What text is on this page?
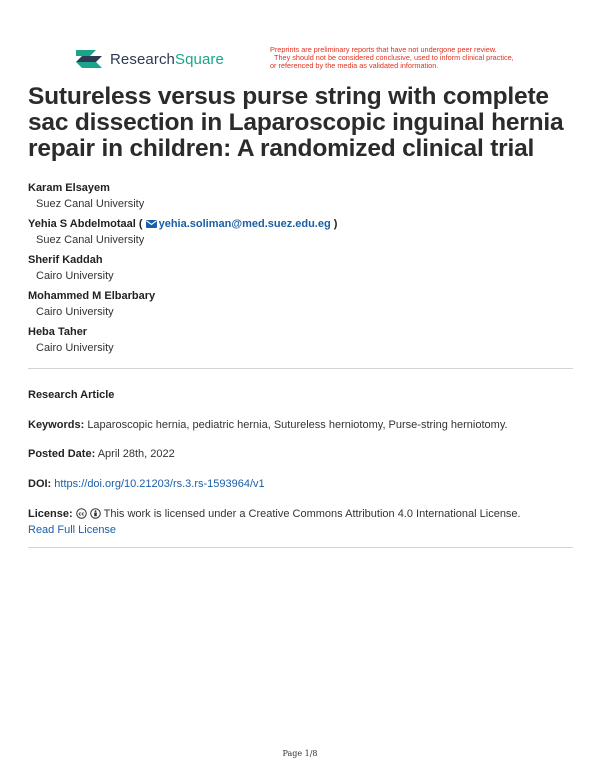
ResearchSquare
Preprints are preliminary reports that have not undergone peer review.
They should not be considered conclusive, used to inform clinical practice,
or referenced by the media as validated information.
Sutureless versus purse string with complete sac dissection in Laparoscopic inguinal hernia repair in children: A randomized clinical trial
Karam Elsayem
Suez Canal University
Yehia S Abdelmotaal ( yehia.soliman@med.suez.edu.eg )
Suez Canal University
Sherif Kaddah
Cairo University
Mohammed M Elbarbary
Cairo University
Heba Taher
Cairo University
Research Article
Keywords: Laparoscopic hernia, pediatric hernia, Sutureless herniotomy, Purse-string herniotomy.
Posted Date: April 28th, 2022
DOI: https://doi.org/10.21203/rs.3.rs-1593964/v1
License: cc This work is licensed under a Creative Commons Attribution 4.0 International License.
Read Full License
Page 1/8
